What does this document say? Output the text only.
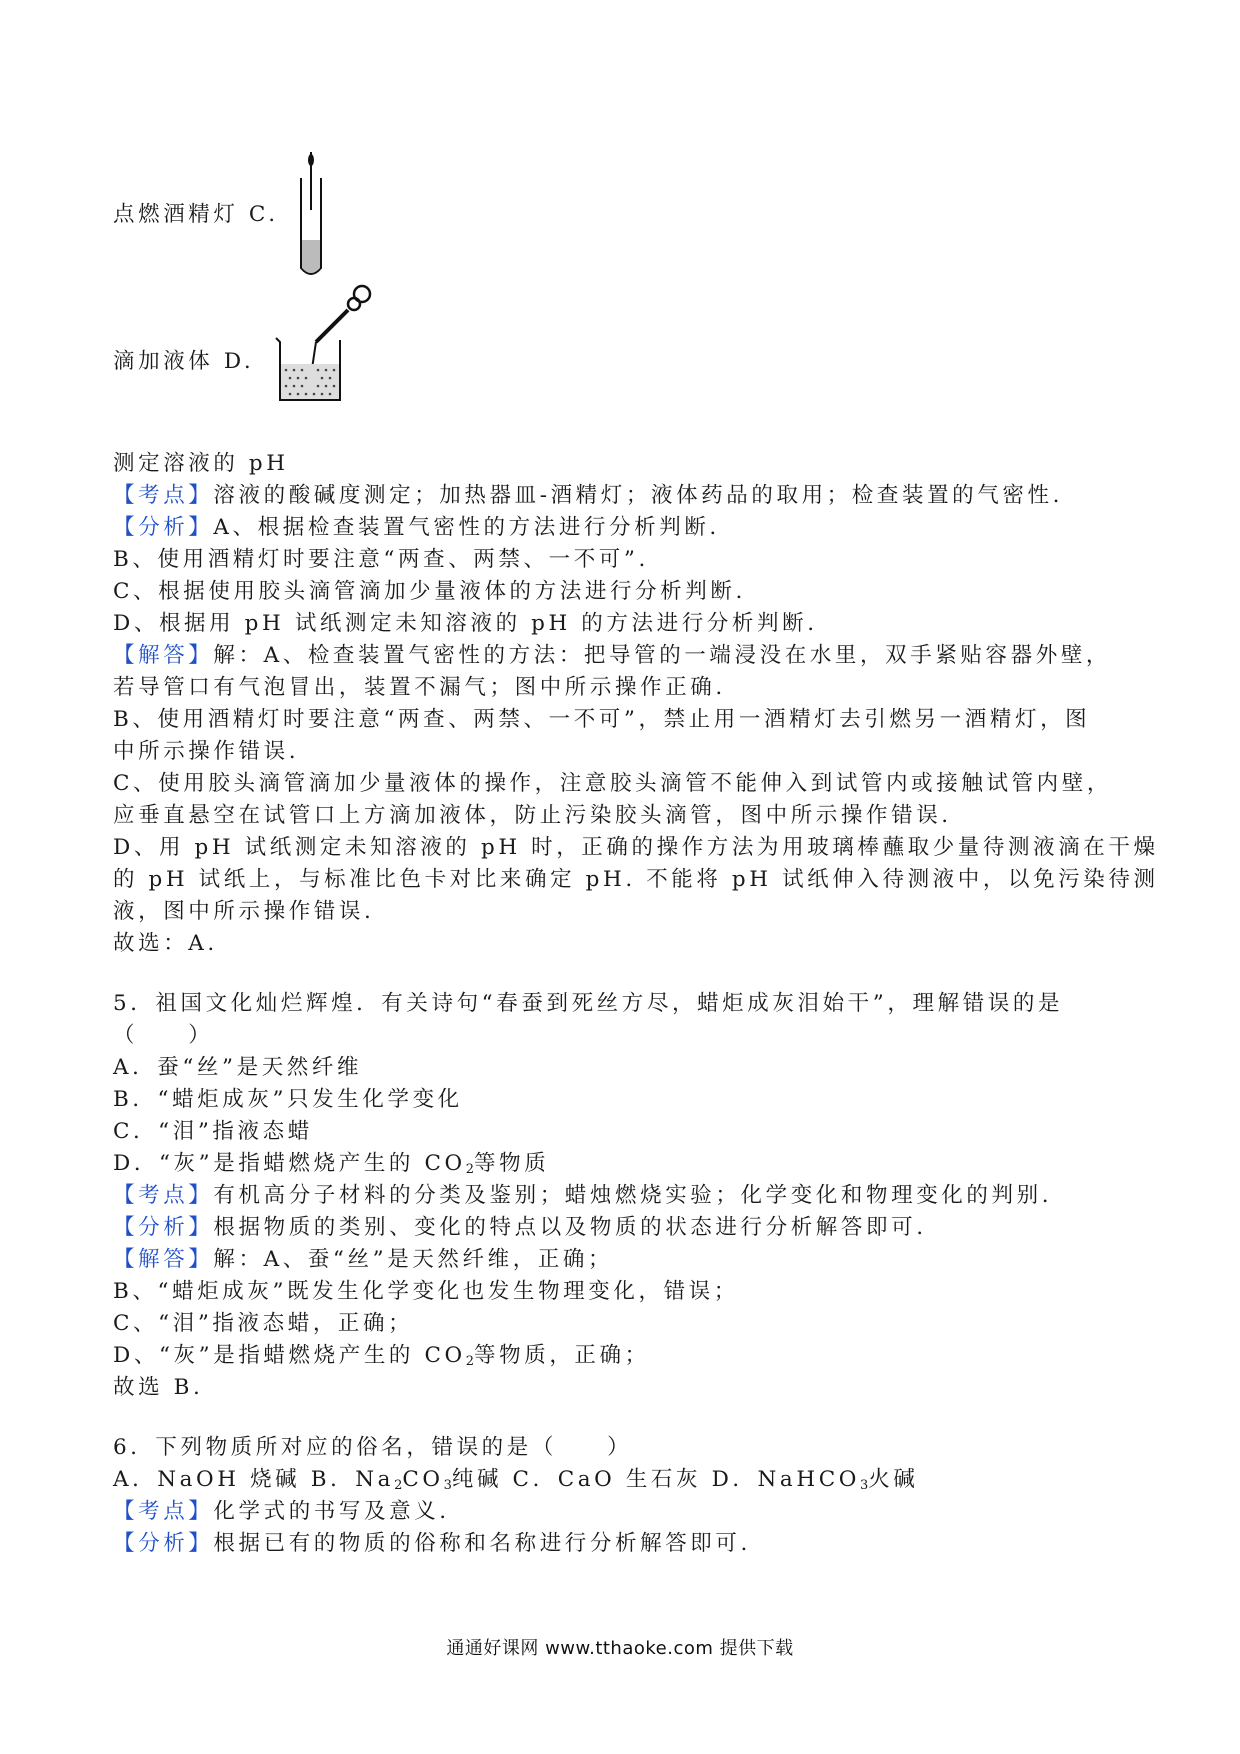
点燃酒精灯 C.
滴加液体 D.
测定溶液的 pH
【考点】溶液的酸碱度测定；加热器皿-酒精灯；液体药品的取用；检查装置的气密性.
【分析】A、根据检查装置气密性的方法进行分析判断.
B、使用酒精灯时要注意“两查、两禁、一不可”.
C、根据使用胶头滴管滴加少量液体的方法进行分析判断.
D、根据用 pH 试纸测定未知溶液的 pH 的方法进行分析判断.
【解答】解：A、检查装置气密性的方法：把导管的一端浸没在水里，双手紧贴容器外壁，
若导管口有气泡冒出，装置不漏气；图中所示操作正确.
B、使用酒精灯时要注意“两查、两禁、一不可”，禁止用一酒精灯去引燃另一酒精灯，图
中所示操作错误.
C、使用胶头滴管滴加少量液体的操作，注意胶头滴管不能伸入到试管内或接触试管内壁，
应垂直悬空在试管口上方滴加液体，防止污染胶头滴管，图中所示操作错误.
D、用 pH 试纸测定未知溶液的 pH 时，正确的操作方法为用玻璃棒蘸取少量待测液滴在干燥
的 pH 试纸上，与标准比色卡对比来确定 pH. 不能将 pH 试纸伸入待测液中，以免污染待测
液，图中所示操作错误.
故选：A.
5．祖国文化灿烂辉煌．有关诗句“春蚕到死丝方尽，蜡炬成灰泪始干”，理解错误的是
（　　）
A．蚕“丝”是天然纤维
B．“蜡炬成灰”只发生化学变化
C．“泪”指液态蜡
D．“灰”是指蜡燃烧产生的 $CO_2$等物质
【考点】有机高分子材料的分类及鉴别；蜡烛燃烧实验；化学变化和物理变化的判别.
【分析】根据物质的类别、变化的特点以及物质的状态进行分析解答即可.
【解答】解：A、蚕“丝”是天然纤维，正确；
B、“蜡炬成灰”既发生化学变化也发生物理变化，错误；
C、“泪”指液态蜡，正确；
D、“灰”是指蜡燃烧产生的 $CO_2$等物质，正确；
故选 B.
6．下列物质所对应的俗名，错误的是（　　）
A．NaOH 烧碱 B．$Na_2CO_3$纯碱 C．CaO 生石灰 D．NaHCO$_3$火碱
【考点】化学式的书写及意义.
【分析】根据已有的物质的俗称和名称进行分析解答即可.
通通好课网 www.tthaoke.com 提供下载
